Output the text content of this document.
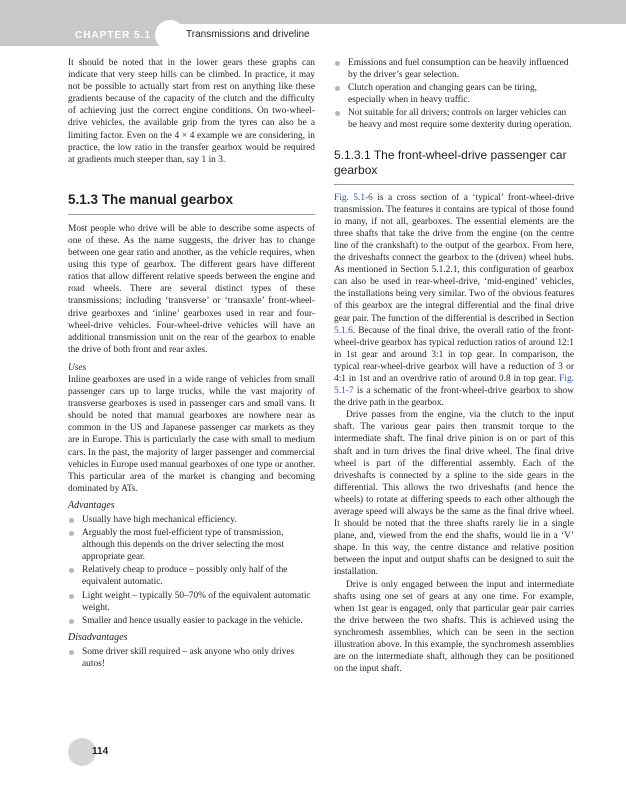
CHAPTER 5.1	Transmissions and driveline

It should be noted that in the lower gears these graphs can indicate that very steep hills can be climbed. In practice, it may not be possible to actually start from rest on anything like these gradients because of the capacity of the clutch and the difficulty of achieving just the correct engine conditions. On two-wheel-drive vehicles, the available grip from the tyres can also be a limiting factor. Even on the 4 × 4 example we are considering, in practice, the low ratio in the transfer gearbox would be required at gradients much steeper than, say 1 in 3.

5.1.3 The manual gearbox

Most people who drive will be able to describe some aspects of one of these. As the name suggests, the driver has to change between one gear ratio and another, as the vehicle requires, when using this type of gearbox. The different gears have different ratios that allow different relative speeds between the engine and road wheels. There are several distinct types of these transmissions; including ‘transverse’ or ‘transaxle’ front-wheel-drive gearboxes and ‘inline’ gearboxes used in rear and four-wheel-drive vehicles. Four-wheel-drive vehicles will have an additional transmission unit on the rear of the gearbox to enable the drive of both front and rear axles.

Uses

Inline gearboxes are used in a wide range of vehicles from small passenger cars up to large trucks, while the vast majority of transverse gearboxes is used in passenger cars and small vans. It should be noted that manual gearboxes are nowhere near as common in the US and Japanese passenger car markets as they are in Europe. This is particularly the case with small to medium cars. In the past, the majority of larger passenger and commercial vehicles in Europe used manual gearboxes of one type or another. This particular area of the market is changing and becoming dominated by ATs.

Advantages

Usually have high mechanical efficiency.
Arguably the most fuel-efficient type of transmission, although this depends on the driver selecting the most appropriate gear.
Relatively cheap to produce – possibly only half of the equivalent automatic.
Light weight – typically 50–70% of the equivalent automatic weight.
Smaller and hence usually easier to package in the vehicle.

Disadvantages

Some driver skill required – ask anyone who only drives autos!
Emissions and fuel consumption can be heavily influenced by the driver’s gear selection.
Clutch operation and changing gears can be tiring, especially when in heavy traffic.
Not suitable for all drivers; controls on larger vehicles can be heavy and most require some dexterity during operation.
5.1.3.1 The front-wheel-drive passenger car gearbox

Fig. 5.1-6 is a cross section of a ‘typical’ front-wheel-drive transmission. The features it contains are typical of those found in many, if not all, gearboxes. The essential elements are the three shafts that take the drive from the engine (on the centre line of the crankshaft) to the output of the gearbox. From here, the driveshafts connect the gearbox to the (driven) wheel hubs. As mentioned in Section 5.1.2.1, this configuration of gearbox can also be used in rear-wheel-drive, ‘mid-engined’ vehicles, the installations being very similar. Two of the obvious features of this gearbox are the integral differential and the final drive gear pair. The function of the differential is described in Section 5.1.6. Because of the final drive, the overall ratio of the front-wheel-drive gearbox has typical reduction ratios of around 12:1 in 1st gear and around 3:1 in top gear. In comparison, the typical rear-wheel-drive gearbox will have a reduction of 3 or 4:1 in 1st and an overdrive ratio of around 0.8 in top gear. Fig. 5.1-7 is a schematic of the front-wheel-drive gearbox to show the drive path in the gearbox.

Drive passes from the engine, via the clutch to the input shaft. The various gear pairs then transmit torque to the intermediate shaft. The final drive pinion is on or part of this shaft and in turn drives the final drive wheel. The final drive wheel is part of the differential assembly. Each of the driveshafts is connected by a spline to the side gears in the differential. This allows the two driveshafts (and hence the wheels) to rotate at differing speeds to each other although the average speed will always be the same as the final drive wheel. It should be noted that the three shafts rarely lie in a single plane, and, viewed from the end the shafts, would lie in a ‘V’ shape. In this way, the centre distance and relative position between the input and output shafts can be designed to suit the installation.

Drive is only engaged between the input and intermediate shafts using one set of gears at any one time. For example, when 1st gear is engaged, only that particular gear pair carries the drive between the two shafts. This is achieved using the synchromesh assemblies, which can be seen in the section illustration above. In this example, the synchromesh assemblies are on the intermediate shaft, although they can be positioned on the input shaft.

114
